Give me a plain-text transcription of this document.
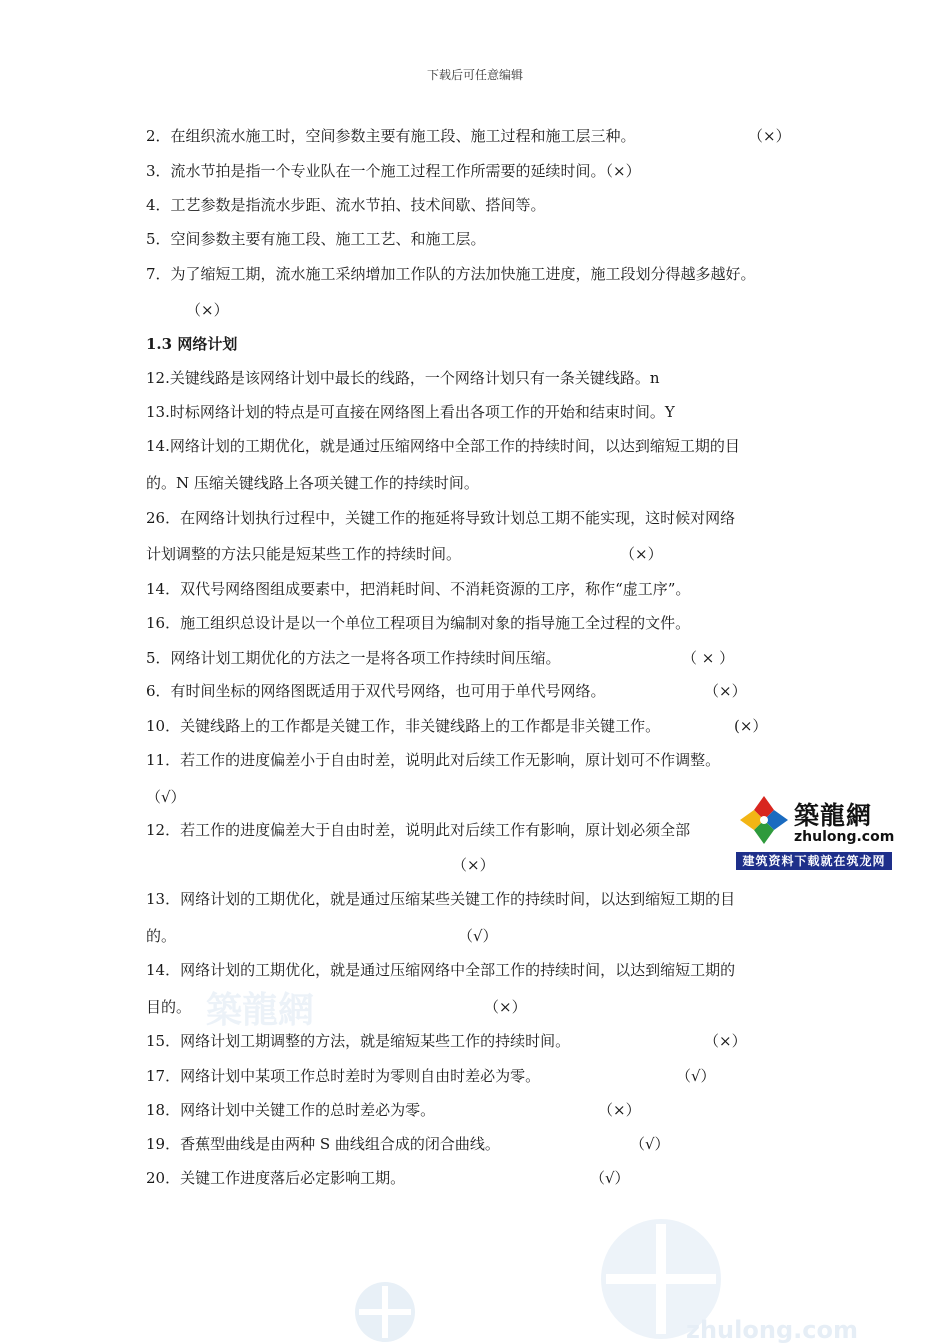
下载后可任意编辑
2．在组织流水施工时，空间参数主要有施工段、施工过程和施工层三种。
3．流水节拍是指一个专业队在一个施工过程工作所需要的延续时间。（×）
4．工艺参数是指流水步距、流水节拍、技术间歇、搭间等。
5．空间参数主要有施工段、施工工艺、和施工层。
7．为了缩短工期，流水施工采纳增加工作队的方法加快施工进度，施工段划分得越多越好。
（×）
1.3 网络计划
12.关键线路是该网络计划中最长的线路，一个网络计划只有一条关键线路。n
13.时标网络计划的特点是可直接在网络图上看出各项工作的开始和结束时间。Y
14.网络计划的工期优化，就是通过压缩网络中全部工作的持续时间，以达到缩短工期的目
的。N 压缩关键线路上各项关键工作的持续时间。
26．在网络计划执行过程中，关键工作的拖延将导致计划总工期不能实现，这时候对网络
计划调整的方法只能是短某些工作的持续时间。
14．双代号网络图组成要素中，把消耗时间、不消耗资源的工序，称作“虚工序”。
16．施工组织总设计是以一个单位工程项目为编制对象的指导施工全过程的文件。
5．网络计划工期优化的方法之一是将各项工作持续时间压缩。
6．有时间坐标的网络图既适用于双代号网络，也可用于单代号网络。
10．关键线路上的工作都是关键工作，非关键线路上的工作都是非关键工作。
11．若工作的进度偏差小于自由时差，说明此对后续工作无影响，原计划可不作调整。
（√）
12．若工作的进度偏差大于自由时差，说明此对后续工作有影响，原计划必须全部
13．网络计划的工期优化，就是通过压缩某些关键工作的持续时间，以达到缩短工期的目
的。
14．网络计划的工期优化，就是通过压缩网络中全部工作的持续时间，以达到缩短工期的
目的。
15．网络计划工期调整的方法，就是缩短某些工作的持续时间。
17．网络计划中某项工作总时差时为零则自由时差必为零。
18．网络计划中关键工作的总时差必为零。
19．香蕉型曲线是由两种 S 曲线组合成的闭合曲线。
20．关键工作进度落后必定影响工期。
（×）
（×）
（ × ）
（×）
(×）
（×）
（√）
（×）
（×）
（√）
（×）
（√）
（√）
築龍網
zhulong.com
築龍網
zhulong.com
建筑资料下载就在筑龙网
